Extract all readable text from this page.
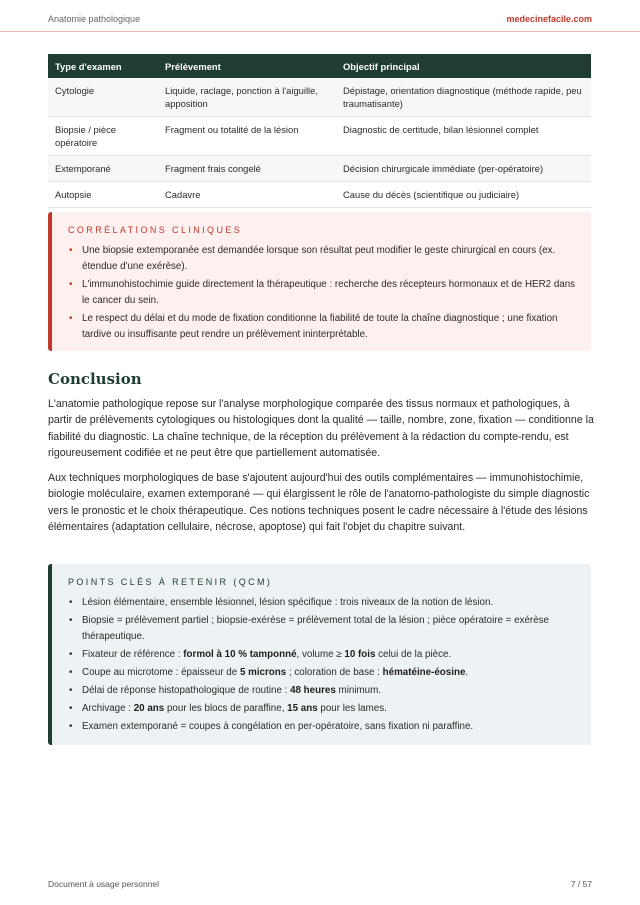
Anatomie pathologique	medecinefacile.com
Type d'examen	Prélèvement	Objectif principal
Cytologie	Liquide, raclage, ponction à l'aiguille, apposition	Dépistage, orientation diagnostique (méthode rapide, peu traumatisante)
Biopsie / pièce opératoire	Fragment ou totalité de la lésion	Diagnostic de certitude, bilan lésionnel complet
Extemporané	Fragment frais congelé	Décision chirurgicale immédiate (per-opératoire)
Autopsie	Cadavre	Cause du décès (scientifique ou judiciaire)
CORRÉLATIONS CLINIQUES
• Une biopsie extemporanée est demandée lorsque son résultat peut modifier le geste chirurgical en cours (ex. étendue d'une exérèse).
• L'immunohistochimie guide directement la thérapeutique : recherche des récepteurs hormonaux et de HER2 dans le cancer du sein.
• Le respect du délai et du mode de fixation conditionne la fiabilité de toute la chaîne diagnostique ; une fixation tardive ou insuffisante peut rendre un prélèvement ininterprétable.
Conclusion

L'anatomie pathologique repose sur l'analyse morphologique comparée des tissus normaux et pathologiques, à partir de prélèvements cytologiques ou histologiques dont la qualité — taille, nombre, zone, fixation — conditionne la fiabilité du diagnostic. La chaîne technique, de la réception du prélèvement à la rédaction du compte-rendu, est rigoureusement codifiée et ne peut être que partiellement automatisée.

Aux techniques morphologiques de base s'ajoutent aujourd'hui des outils complémentaires — immunohistochimie, biologie moléculaire, examen extemporané — qui élargissent le rôle de l'anatomo-pathologiste du simple diagnostic vers le pronostic et le choix thérapeutique. Ces notions techniques posent le cadre nécessaire à l'étude des lésions élémentaires (adaptation cellulaire, nécrose, apoptose) qui fait l'objet du chapitre suivant.

POINTS CLÉS À RETENIR (QCM)
• Lésion élémentaire, ensemble lésionnel, lésion spécifique : trois niveaux de la notion de lésion.
• Biopsie = prélèvement partiel ; biopsie-exérèse = prélèvement total de la lésion ; pièce opératoire = exérèse thérapeutique.
• Fixateur de référence : formol à 10 % tamponné, volume ≥ 10 fois celui de la pièce.
• Coupe au microtome : épaisseur de 5 microns ; coloration de base : hématéine-éosine.
• Délai de réponse histopathologique de routine : 48 heures minimum.
• Archivage : 20 ans pour les blocs de paraffine, 15 ans pour les lames.
• Examen extemporané = coupes à congélation en per-opératoire, sans fixation ni paraffine.
Document à usage personnel	7 / 57
